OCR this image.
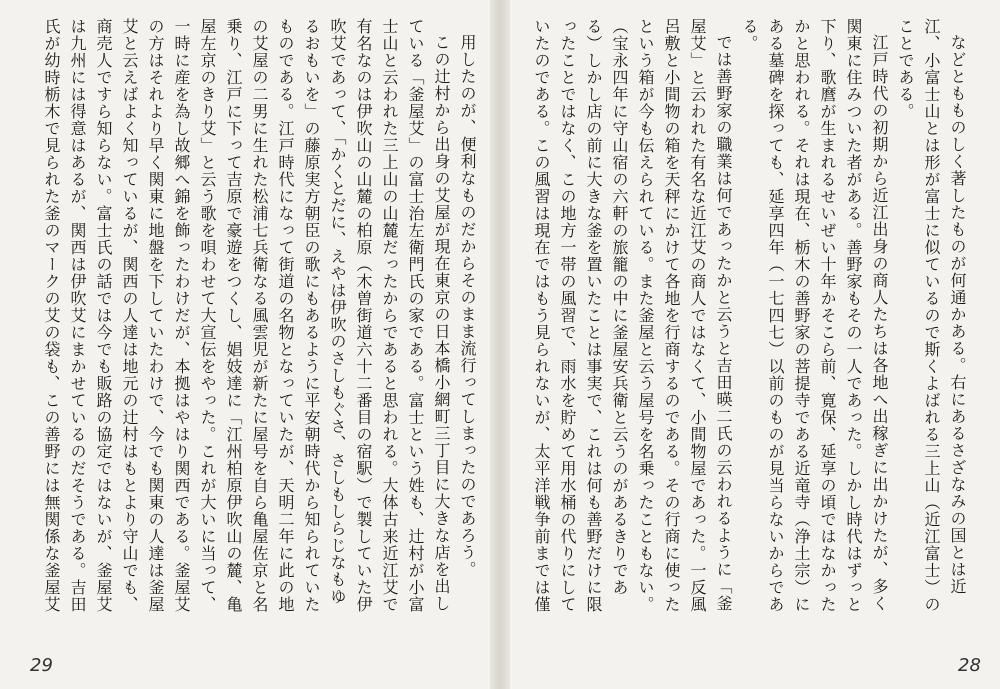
用したのが、便利なものだからそのまま流行ってしまったのであろう。

この辻村から出身の艾屋が現在東京の日本橋小網町三丁目に大きな店を出している「釜屋艾」の富士治左衛門氏の家である。富士という姓も、辻村が小富士山と云われた三上山の山麓だったからであると思われる。大体古来近江艾で有名なのは伊吹山の山麓の柏原（木曽街道六十二番目の宿駅）で製していた伊吹艾であって、「かくとだに、えやは伊吹のさしもぐさ、さしもしらじなもゆるおもいを」の藤原実方朝臣の歌にもあるように平安朝時代から知られていたものである。江戸時代になって街道の名物となっていたが、天明二年に此の地の艾屋の二男に生れた松浦七兵衛なる風雲児が新たに屋号を自ら亀屋佐京と名乗り、江戸に下って吉原で豪遊をつくし、娼妓達に「江州柏原伊吹山の麓、亀屋左京のきり艾」と云う歌を唄わせて大宣伝をやった。これが大いに当って、一時に産を為し故郷へ錦を飾ったわけだが、本拠はやはり関西である。釜屋艾の方はそれより早く関東に地盤を下していたわけで、今でも関東の人達は釜屋艾と云えばよく知っているが、関西の人達は地元の辻村はもとより守山でも、商売人ですら知らない。富士氏の話では今でも販路の協定ではないが、釜屋艾は九州には得意はあるが、関西は伊吹艾にまかせているのだそうである。吉田氏が幼時栃木で見られた釜のマークの艾の袋も、この善野には無関係な釜屋艾

29

などともものしく著したものが何通かある。右にあるさざなみの国とは近江、小富士山とは形が富士に似ているので斯くよばれる三上山（近江富士）のことである。

江戸時代の初期から近江出身の商人たちは各地へ出稼ぎに出かけたが、多く関東に住みついた者がある。善野家もその一人であった。しかし時代はずっと下り、歌麿が生まれるせいぜい十年かそこら前、寛保、延享の頃ではなかったかと思われる。それは現在、栃木の善野家の菩提寺である近竜寺（浄土宗）にある墓碑を探っても、延享四年（一七四七）以前のものが見当らないからである。

では善野家の職業は何であったかと云うと吉田暎二氏の云われるように「釜屋艾」と云われた有名な近江艾の商人ではなくて、小間物屋であった。一反風呂敷と小間物の箱を天秤にかけて各地を行商するのである。その行商に使ったという箱が今も伝えられている。また釜屋と云う屋号を名乗ったこともない。（宝永四年に守山宿の六軒の旅籠の中に釜屋安兵衛と云うのがあるきりである）しかし店の前に大きな釜を置いたことは事実で、これは何も善野だけに限ったことではなく、この地方一帯の風習で、雨水を貯めて用水桶の代りにしていたのである。この風習は現在ではもう見られないが、太平洋戦争前までは僅

28
